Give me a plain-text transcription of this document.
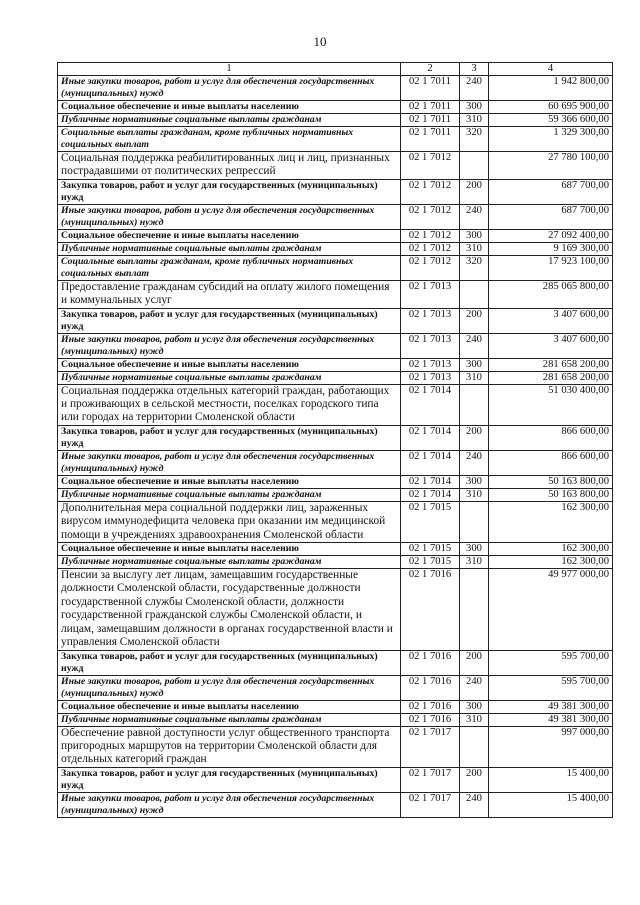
10
1	2	3	4
Иные закупки товаров, работ и услуг для обеспечения государственных (муниципальных) нужд	02 1 7011	240	1 942 800,00
Социальное обеспечение и иные выплаты населению	02 1 7011	300	60 695 900,00
Публичные нормативные социальные выплаты гражданам	02 1 7011	310	59 366 600,00
Социальные выплаты гражданам, кроме публичных нормативных социальных выплат	02 1 7011	320	1 329 300,00
Социальная поддержка реабилитированных лиц и лиц, признанных пострадавшими от политических репрессий	02 1 7012		27 780 100,00
Закупка товаров, работ и услуг для государственных (муниципальных) нужд	02 1 7012	200	687 700,00
Иные закупки товаров, работ и услуг для обеспечения государственных (муниципальных) нужд	02 1 7012	240	687 700,00
Социальное обеспечение и иные выплаты населению	02 1 7012	300	27 092 400,00
Публичные нормативные социальные выплаты гражданам	02 1 7012	310	9 169 300,00
Социальные выплаты гражданам, кроме публичных нормативных социальных выплат	02 1 7012	320	17 923 100,00
Предоставление гражданам субсидий на оплату жилого помещения и коммунальных услуг	02 1 7013		285 065 800,00
Закупка товаров, работ и услуг для государственных (муниципальных) нужд	02 1 7013	200	3 407 600,00
Иные закупки товаров, работ и услуг для обеспечения государственных (муниципальных) нужд	02 1 7013	240	3 407 600,00
Социальное обеспечение и иные выплаты населению	02 1 7013	300	281 658 200,00
Публичные нормативные социальные выплаты гражданам	02 1 7013	310	281 658 200,00
Социальная поддержка отдельных категорий граждан, работающих и проживающих в сельской местности, поселках городского типа или городах на территории Смоленской области	02 1 7014		51 030 400,00
Закупка товаров, работ и услуг для государственных (муниципальных) нужд	02 1 7014	200	866 600,00
Иные закупки товаров, работ и услуг для обеспечения государственных (муниципальных) нужд	02 1 7014	240	866 600,00
Социальное обеспечение и иные выплаты населению	02 1 7014	300	50 163 800,00
Публичные нормативные социальные выплаты гражданам	02 1 7014	310	50 163 800,00
Дополнительная мера социальной поддержки лиц, зараженных вирусом иммунодефицита человека при оказании им медицинской помощи в учреждениях здравоохранения Смоленской области	02 1 7015		162 300,00
Социальное обеспечение и иные выплаты населению	02 1 7015	300	162 300,00
Публичные нормативные социальные выплаты гражданам	02 1 7015	310	162 300,00
Пенсии за выслугу лет лицам, замещавшим государственные должности Смоленской области, государственные должности государственной службы Смоленской области, должности государственной гражданской службы Смоленской области, и лицам, замещавшим должности в органах государственной власти и управления Смоленской области	02 1 7016		49 977 000,00
Закупка товаров, работ и услуг для государственных (муниципальных) нужд	02 1 7016	200	595 700,00
Иные закупки товаров, работ и услуг для обеспечения государственных (муниципальных) нужд	02 1 7016	240	595 700,00
Социальное обеспечение и иные выплаты населению	02 1 7016	300	49 381 300,00
Публичные нормативные социальные выплаты гражданам	02 1 7016	310	49 381 300,00
Обеспечение равной доступности услуг общественного транспорта пригородных маршрутов на территории Смоленской области для отдельных категорий граждан	02 1 7017		997 000,00
Закупка товаров, работ и услуг для государственных (муниципальных) нужд	02 1 7017	200	15 400,00
Иные закупки товаров, работ и услуг для обеспечения государственных (муниципальных) нужд	02 1 7017	240	15 400,00
